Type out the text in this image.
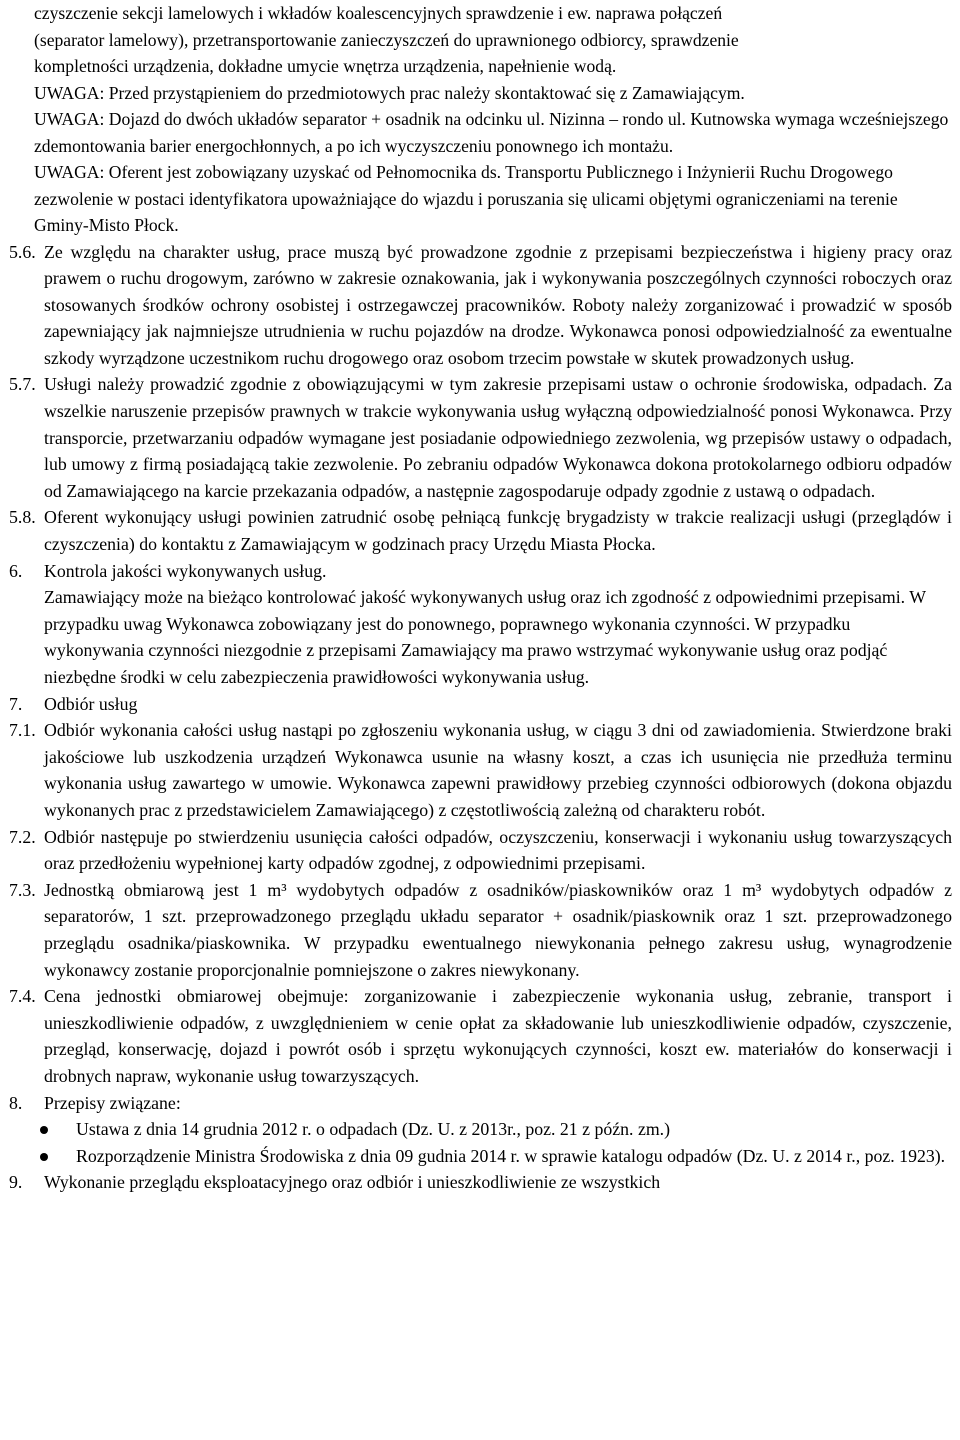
czyszczenie sekcji lamelowych i wkładów koalescencyjnych sprawdzenie i ew. naprawa połączeń
(separator lamelowy), przetransportowanie zanieczyszczeń do uprawnionego odbiorcy, sprawdzenie
kompletności urządzenia, dokładne umycie wnętrza urządzenia, napełnienie wodą.
UWAGA: Przed przystąpieniem do przedmiotowych prac należy skontaktować się z Zamawiającym.
UWAGA: Dojazd do dwóch układów separator + osadnik na odcinku ul. Nizinna – rondo ul. Kutnowska wymaga wcześniejszego zdemontowania barier energochłonnych, a po ich wyczyszczeniu ponownego ich montażu.
UWAGA: Oferent jest zobowiązany uzyskać od Pełnomocnika ds. Transportu Publicznego i Inżynierii Ruchu Drogowego zezwolenie w postaci identyfikatora upoważniające do wjazdu i poruszania się ulicami objętymi ograniczeniami na terenie Gminy-Misto Płock.
5.6. Ze względu na charakter usług, prace muszą być prowadzone zgodnie z przepisami bezpieczeństwa i higieny pracy oraz prawem o ruchu drogowym, zarówno w zakresie oznakowania, jak i wykonywania poszczególnych czynności roboczych oraz stosowanych środków ochrony osobistej i ostrzegawczej pracowników. Roboty należy zorganizować i prowadzić w sposób zapewniający jak najmniejsze utrudnienia w ruchu pojazdów na drodze. Wykonawca ponosi odpowiedzialność za ewentualne szkody wyrządzone uczestnikom ruchu drogowego oraz osobom trzecim powstałe w skutek prowadzonych usług.

5.7. Usługi należy prowadzić zgodnie z obowiązującymi w tym zakresie przepisami ustaw o ochronie środowiska, odpadach. Za wszelkie naruszenie przepisów prawnych w trakcie wykonywania usług wyłączną odpowiedzialność ponosi Wykonawca. Przy transporcie, przetwarzaniu odpadów wymagane jest posiadanie odpowiedniego zezwolenia, wg przepisów ustawy o odpadach, lub umowy z firmą posiadającą takie zezwolenie. Po zebraniu odpadów Wykonawca dokona protokolarnego odbioru odpadów od Zamawiającego na karcie przekazania odpadów, a następnie zagospodaruje odpady zgodnie z ustawą o odpadach.

5.8. Oferent wykonujący usługi powinien zatrudnić osobę pełniącą funkcję brygadzisty w trakcie realizacji usługi (przeglądów i czyszczenia) do kontaktu z Zamawiającym w godzinach pracy Urzędu Miasta Płocka.

6.	Kontrola jakości wykonywanych usług.

Zamawiający może na bieżąco kontrolować jakość wykonywanych usług oraz ich zgodność z odpowiednimi przepisami. W przypadku uwag Wykonawca zobowiązany jest do ponownego, poprawnego wykonania czynności. W przypadku wykonywania czynności niezgodnie z przepisami Zamawiający ma prawo wstrzymać wykonywanie usług oraz podjąć niezbędne środki w celu zabezpieczenia prawidłowości wykonywania usług.
7.	Odbiór usług

7.1. Odbiór wykonania całości usług nastąpi po zgłoszeniu wykonania usług, w ciągu 3 dni od zawiadomienia. Stwierdzone braki jakościowe lub uszkodzenia urządzeń Wykonawca usunie na własny koszt, a czas ich usunięcia nie przedłuża terminu wykonania usług zawartego w umowie. Wykonawca zapewni prawidłowy przebieg czynności odbiorowych (dokona objazdu wykonanych prac z przedstawicielem Zamawiającego) z częstotliwością zależną od charakteru robót.

7.2. Odbiór następuje po stwierdzeniu usunięcia całości odpadów, oczyszczeniu, konserwacji i wykonaniu usług towarzyszących oraz przedłożeniu wypełnionej karty odpadów zgodnej, z odpowiednimi przepisami.

7.3. Jednostką obmiarową jest 1 m³ wydobytych odpadów z osadników/piaskowników oraz 1 m³ wydobytych odpadów z separatorów, 1 szt. przeprowadzonego przeglądu układu separator + osadnik/piaskownik oraz 1 szt. przeprowadzonego przeglądu osadnika/piaskownika. W przypadku ewentualnego niewykonania pełnego zakresu usług, wynagrodzenie wykonawcy zostanie proporcjonalnie pomniejszone o zakres niewykonany.

7.4. Cena jednostki obmiarowej obejmuje: zorganizowanie i zabezpieczenie wykonania usług, zebranie, transport i unieszkodliwienie odpadów, z uwzględnieniem w cenie opłat za składowanie lub unieszkodliwienie odpadów, czyszczenie, przegląd, konserwację, dojazd i powrót osób i sprzętu wykonujących czynności, koszt ew. materiałów do konserwacji i drobnych napraw, wykonanie usług towarzyszących.

8.	Przepisy związane:

Ustawa z dnia 14 grudnia 2012 r. o odpadach (Dz. U. z 2013r., poz. 21 z późn. zm.)
Rozporządzenie Ministra Środowiska z dnia 09 gudnia 2014 r. w sprawie katalogu odpadów (Dz. U. z 2014 r., poz. 1923).
9.	Wykonanie przeglądu eksploatacyjnego oraz odbiór i unieszkodliwienie ze wszystkich
